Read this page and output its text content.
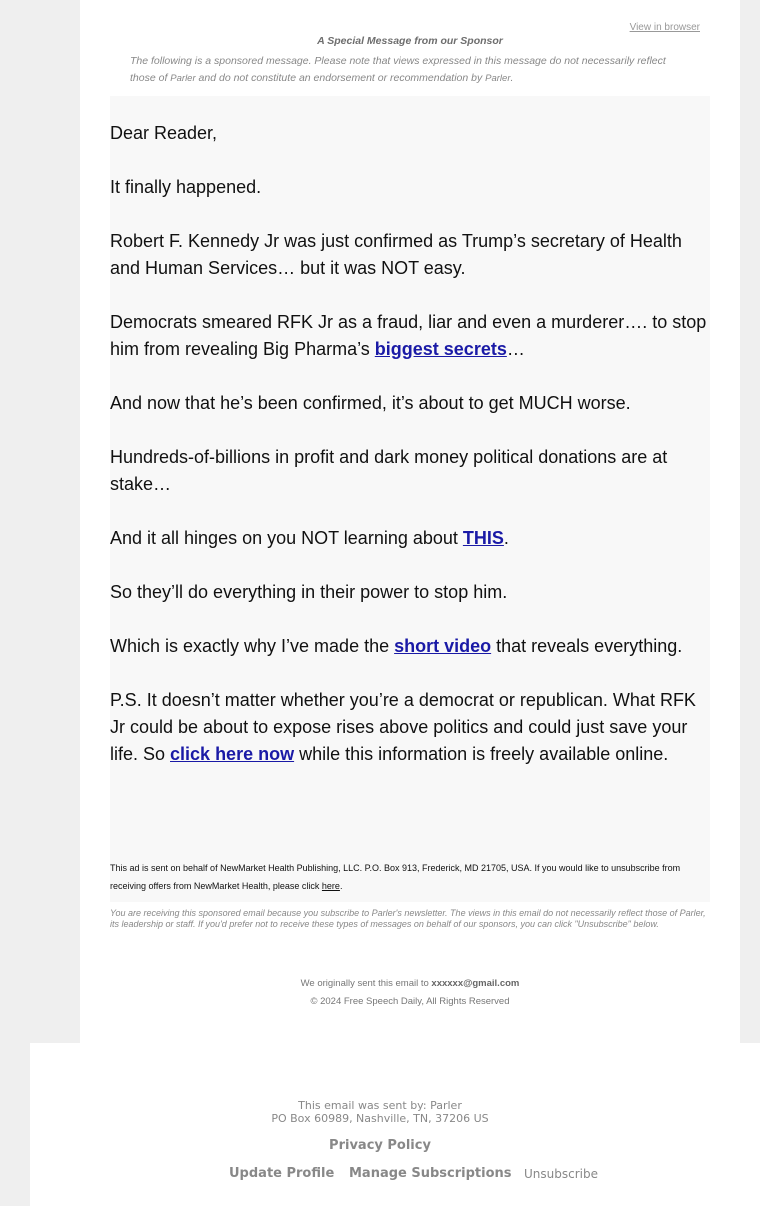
View in browser
A Special Message from our Sponsor
The following is a sponsored message. Please note that views expressed in this message do not necessarily reflect those of Parler and do not constitute an endorsement or recommendation by Parler.

Dear Reader,

It finally happened.

Robert F. Kennedy Jr was just confirmed as Trump’s secretary of Health and Human Services… but it was NOT easy.

Democrats smeared RFK Jr as a fraud, liar and even a murderer…. to stop him from revealing Big Pharma’s biggest secrets…

And now that he’s been confirmed, it’s about to get MUCH worse.

Hundreds-of-billions in profit and dark money political donations are at stake…

And it all hinges on you NOT learning about THIS.

So they’ll do everything in their power to stop him.

Which is exactly why I’ve made the short video that reveals everything.

P.S. It doesn’t matter whether you’re a democrat or republican. What RFK Jr could be about to expose rises above politics and could just save your life. So click here now while this information is freely available online.

This ad is sent on behalf of NewMarket Health Publishing, LLC. P.O. Box 913, Frederick, MD 21705, USA. If you would like to unsubscribe from receiving offers from NewMarket Health, please click here.
You are receiving this sponsored email because you subscribe to Parler's newsletter. The views in this email do not necessarily reflect those of Parler, its leadership or staff. If you'd prefer not to receive these types of messages on behalf of our sponsors, you can click "Unsubscribe" below.
We originally sent this email to xxxxxx@gmail.com
© 2024 Free Speech Daily, All Rights Reserved
This email was sent by: Parler
PO Box 60989, Nashville, TN, 37206 US
Privacy Policy
Update Profile Manage Subscriptions Unsubscribe
